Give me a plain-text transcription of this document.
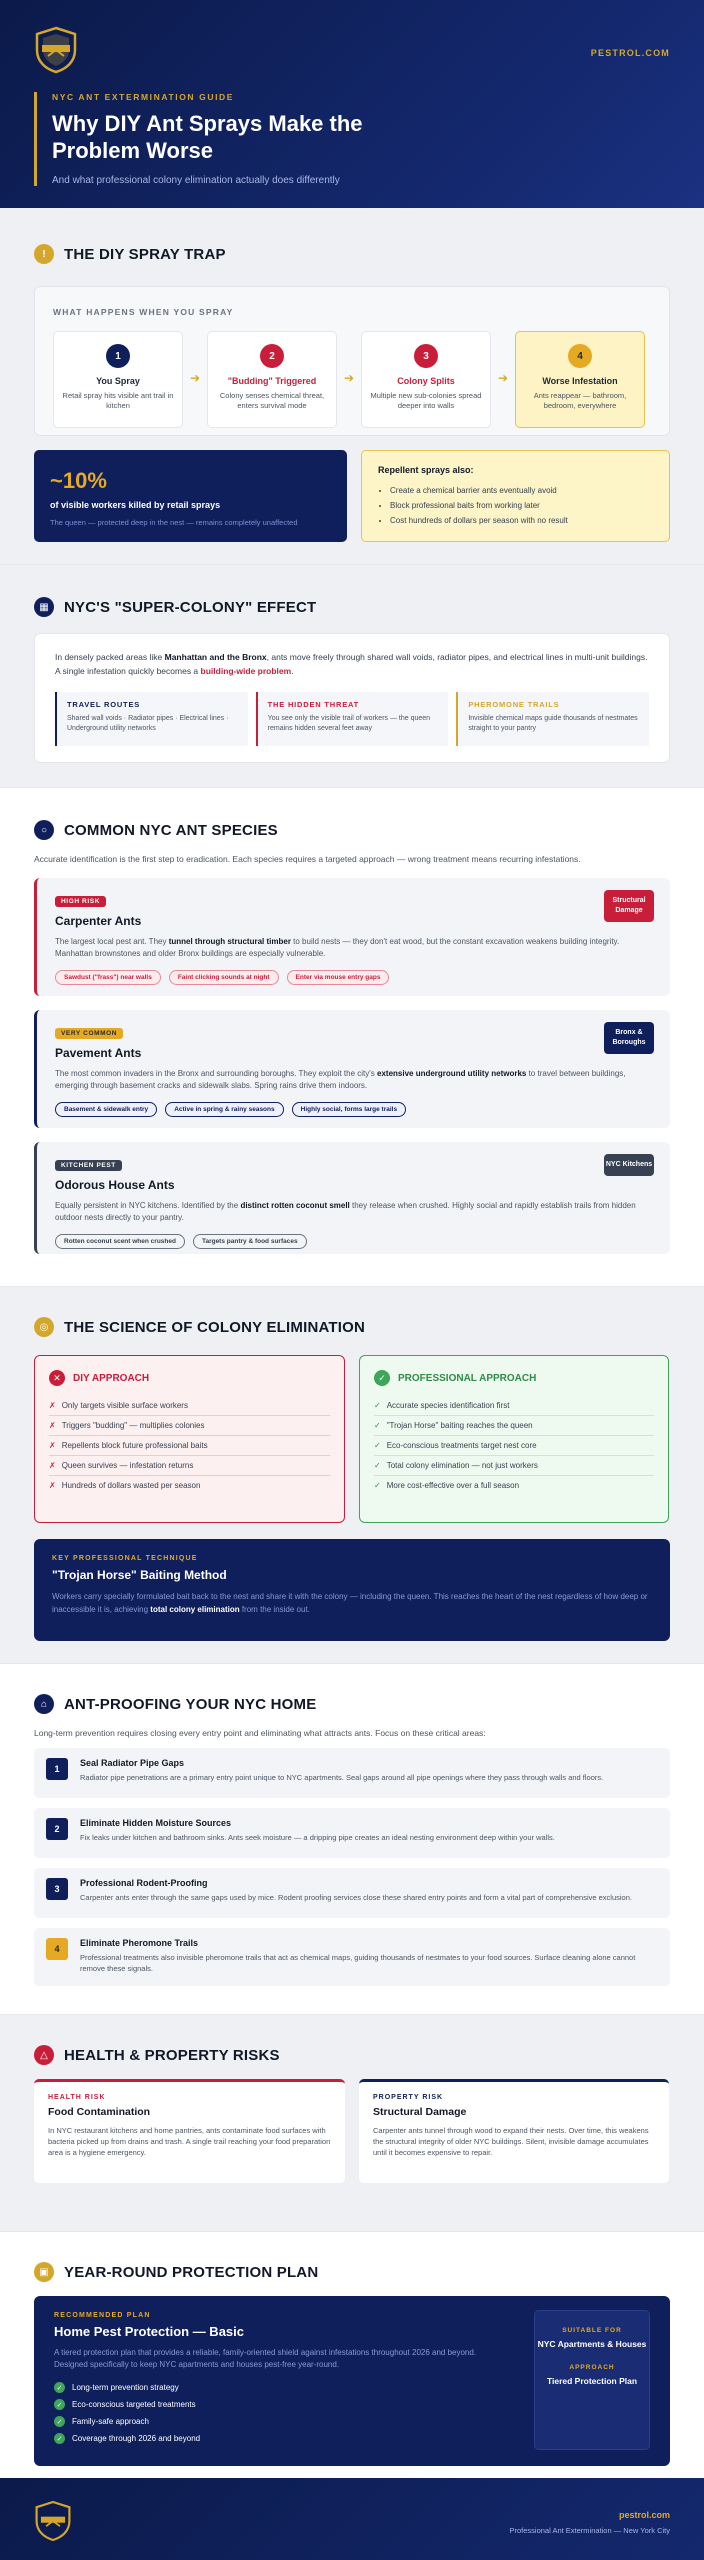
PESTROL.COM
NYC ANT EXTERMINATION GUIDE
Why DIY Ant Sprays Make the Problem Worse
And what professional colony elimination actually does differently
!	THE DIY SPRAY TRAP
WHAT HAPPENS WHEN YOU SPRAY
1
You Spray
Retail spray hits visible ant trail in kitchen
➔
2
"Budding" Triggered
Colony senses chemical threat, enters survival mode
➔
3
Colony Splits
Multiple new sub-colonies spread deeper into walls
➔
4
Worse Infestation
Ants reappear — bathroom, bedroom, everywhere
~10%
of visible workers killed by retail sprays
The queen — protected deep in the nest — remains completely unaffected
Repellent sprays also:
• Create a chemical barrier ants eventually avoid
• Block professional baits from working later
• Cost hundreds of dollars per season with no result
▦	NYC'S "SUPER-COLONY" EFFECT

In densely packed areas like Manhattan and the Bronx, ants move freely through shared wall voids, radiator pipes, and electrical lines in multi-unit buildings. A single infestation quickly becomes a building-wide problem.

TRAVEL ROUTES
Shared wall voids · Radiator pipes · Electrical lines · Underground utility networks
THE HIDDEN THREAT
You see only the visible trail of workers — the queen remains hidden several feet away
PHEROMONE TRAILS
Invisible chemical maps guide thousands of nestmates straight to your pantry
○	COMMON NYC ANT SPECIES

Accurate identification is the first step to eradication. Each species requires a targeted approach — wrong treatment means recurring infestations.

HIGH RISK
Carpenter Ants

The largest local pest ant. They tunnel through structural timber to build nests — they don't eat wood, but the constant excavation weakens building integrity. Manhattan brownstones and older Bronx buildings are especially vulnerable.

Structural Damage
Sawdust ("frass") near walls	Faint clicking sounds at night	Enter via mouse entry gaps
VERY COMMON
Pavement Ants

The most common invaders in the Bronx and surrounding boroughs. They exploit the city's extensive underground utility networks to travel between buildings, emerging through basement cracks and sidewalk slabs. Spring rains drive them indoors.

Bronx & Boroughs
Basement & sidewalk entry	Active in spring & rainy seasons	Highly social, forms large trails
KITCHEN PEST
Odorous House Ants

Equally persistent in NYC kitchens. Identified by the distinct rotten coconut smell they release when crushed. Highly social and rapidly establish trails from hidden outdoor nests directly to your pantry.

NYC Kitchens
Rotten coconut scent when crushed	Targets pantry & food surfaces
◎	THE SCIENCE OF COLONY ELIMINATION
✕	DIY APPROACH
✗ Only targets visible surface workers
✗ Triggers "budding" — multiplies colonies
✗ Repellents block future professional baits
✗ Queen survives — infestation returns
✗ Hundreds of dollars wasted per season
✓	PROFESSIONAL APPROACH
✓ Accurate species identification first
✓ "Trojan Horse" baiting reaches the queen
✓ Eco-conscious treatments target nest core
✓ Total colony elimination — not just workers
✓ More cost-effective over a full season
KEY PROFESSIONAL TECHNIQUE
"Trojan Horse" Baiting Method

Workers carry specially formulated bait back to the nest and share it with the colony — including the queen. This reaches the heart of the nest regardless of how deep or inaccessible it is, achieving total colony elimination from the inside out.

⌂	ANT-PROOFING YOUR NYC HOME

Long-term prevention requires closing every entry point and eliminating what attracts ants. Focus on these critical areas:

1
Seal Radiator Pipe Gaps
Radiator pipe penetrations are a primary entry point unique to NYC apartments. Seal gaps around all pipe openings where they pass through walls and floors.
2
Eliminate Hidden Moisture Sources
Fix leaks under kitchen and bathroom sinks. Ants seek moisture — a dripping pipe creates an ideal nesting environment deep within your walls.
3
Professional Rodent-Proofing
Carpenter ants enter through the same gaps used by mice. Rodent proofing services close these shared entry points and form a vital part of comprehensive exclusion.
4
Eliminate Pheromone Trails
Professional treatments also invisible pheromone trails that act as chemical maps, guiding thousands of nestmates to your food sources. Surface cleaning alone cannot remove these signals.
△	HEALTH & PROPERTY RISKS
HEALTH RISK
Food Contamination

In NYC restaurant kitchens and home pantries, ants contaminate food surfaces with bacteria picked up from drains and trash. A single trail reaching your food preparation area is a hygiene emergency.

PROPERTY RISK
Structural Damage

Carpenter ants tunnel through wood to expand their nests. Over time, this weakens the structural integrity of older NYC buildings. Silent, invisible damage accumulates until it becomes expensive to repair.

▣	YEAR-ROUND PROTECTION PLAN
RECOMMENDED PLAN
Home Pest Protection — Basic

A tiered protection plan that provides a reliable, family-oriented shield against infestations throughout 2026 and beyond. Designed specifically to keep NYC apartments and houses pest-free year-round.

✓	Long-term prevention strategy
✓	Eco-conscious targeted treatments
✓	Family-safe approach
✓	Coverage through 2026 and beyond
SUITABLE FOR
NYC Apartments & Houses
APPROACH
Tiered Protection Plan
pestrol.com
Professional Ant Extermination — New York City
